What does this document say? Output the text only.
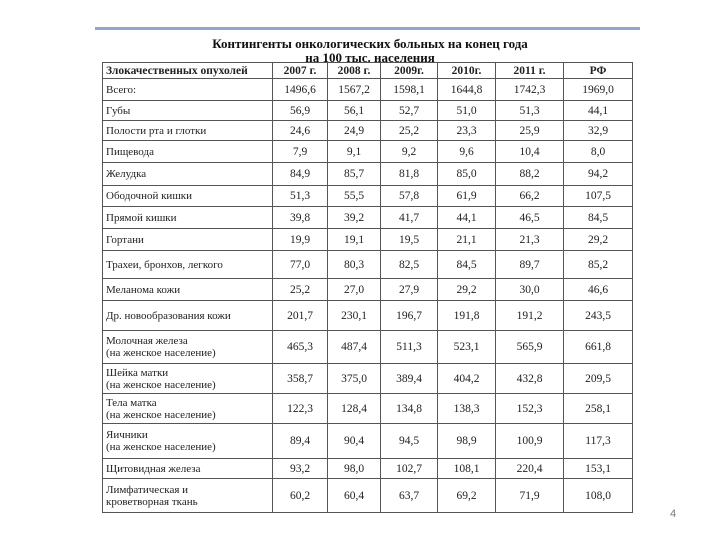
Контингенты онкологических больных на конец года
на 100 тыс. населения
Злокачественных опухолей	2007 г.	2008 г.	2009г.	2010г.	2011 г.	РФ

Всего:	1496,6	1567,2	1598,1	1644,8	1742,3	1969,0

Губы	56,9	56,1	52,7	51,0	51,3	44,1

Полости рта и глотки	24,6	24,9	25,2	23,3	25,9	32,9

Пищевода	7,9	9,1	9,2	9,6	10,4	8,0

Желудка	84,9	85,7	81,8	85,0	88,2	94,2

Ободочной кишки	51,3	55,5	57,8	61,9	66,2	107,5

Прямой кишки	39,8	39,2	41,7	44,1	46,5	84,5

Гортани	19,9	19,1	19,5	21,1	21,3	29,2

Трахеи, бронхов, легкого	77,0	80,3	82,5	84,5	89,7	85,2

Меланома кожи	25,2	27,0	27,9	29,2	30,0	46,6

Др. новообразования кожи	201,7	230,1	196,7	191,8	191,2	243,5

Молочная железа
(на женское население)	465,3	487,4	511,3	523,1	565,9	661,8

Шейка матки
(на женское население)	358,7	375,0	389,4	404,2	432,8	209,5

Тела матка
(на женское население)	122,3	128,4	134,8	138,3	152,3	258,1

Яичники
(на женское население)	89,4	90,4	94,5	98,9	100,9	117,3

Щитовидная железа	93,2	98,0	102,7	108,1	220,4	153,1

Лимфатическая и
кроветворная ткань	60,2	60,4	63,7	69,2	71,9	108,0
4
